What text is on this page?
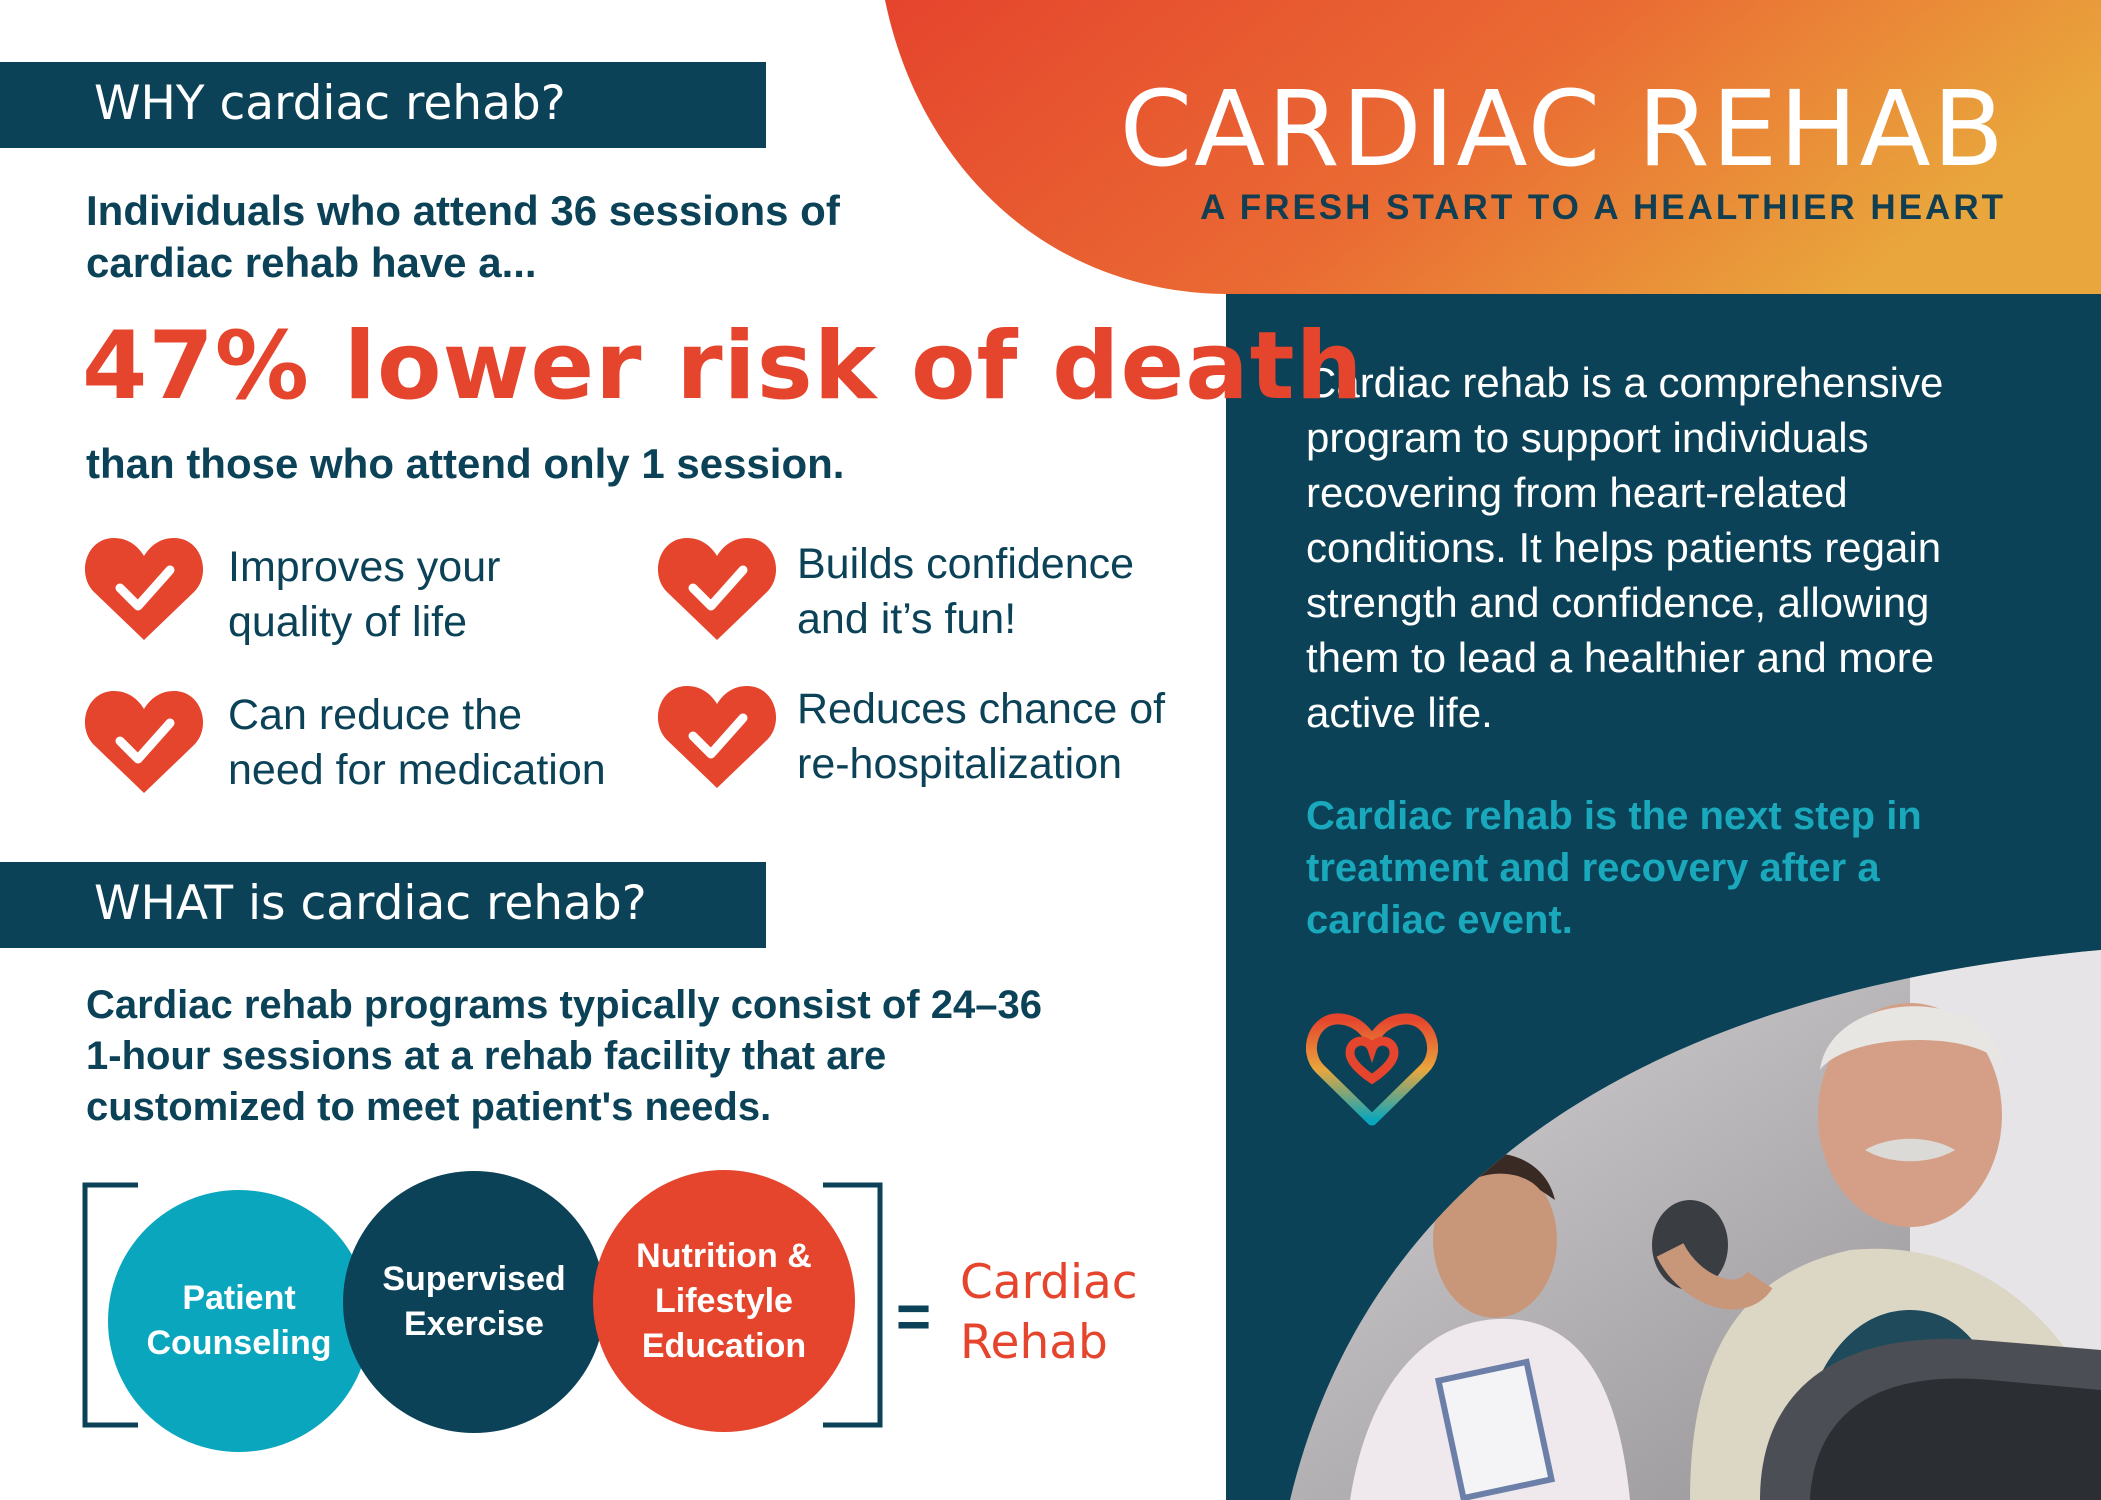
CARDIAC REHAB
A FRESH START TO A HEALTHIER HEART
Cardiac rehab is a comprehensive program to support individuals recovering from heart-related conditions. It helps patients regain strength and confidence, allowing them to lead a healthier and more active life.
Cardiac rehab is the next step in treatment and recovery after a cardiac event.
WHY cardiac rehab?
Individuals who attend 36 sessions of cardiac rehab have a...
47% lower risk of death
than those who attend only 1 session.
Improves your
quality of life
Builds confidence
and it’s fun!
Can reduce the
need for medication
Reduces chance of
re-hospitalization
WHAT is cardiac rehab?
Cardiac rehab programs typically consist of 24–36 1-hour sessions at a rehab facility that are customized to meet patient's needs.
Patient
Counseling
Supervised
Exercise
Nutrition &
Lifestyle
Education =
Cardiac
Rehab
